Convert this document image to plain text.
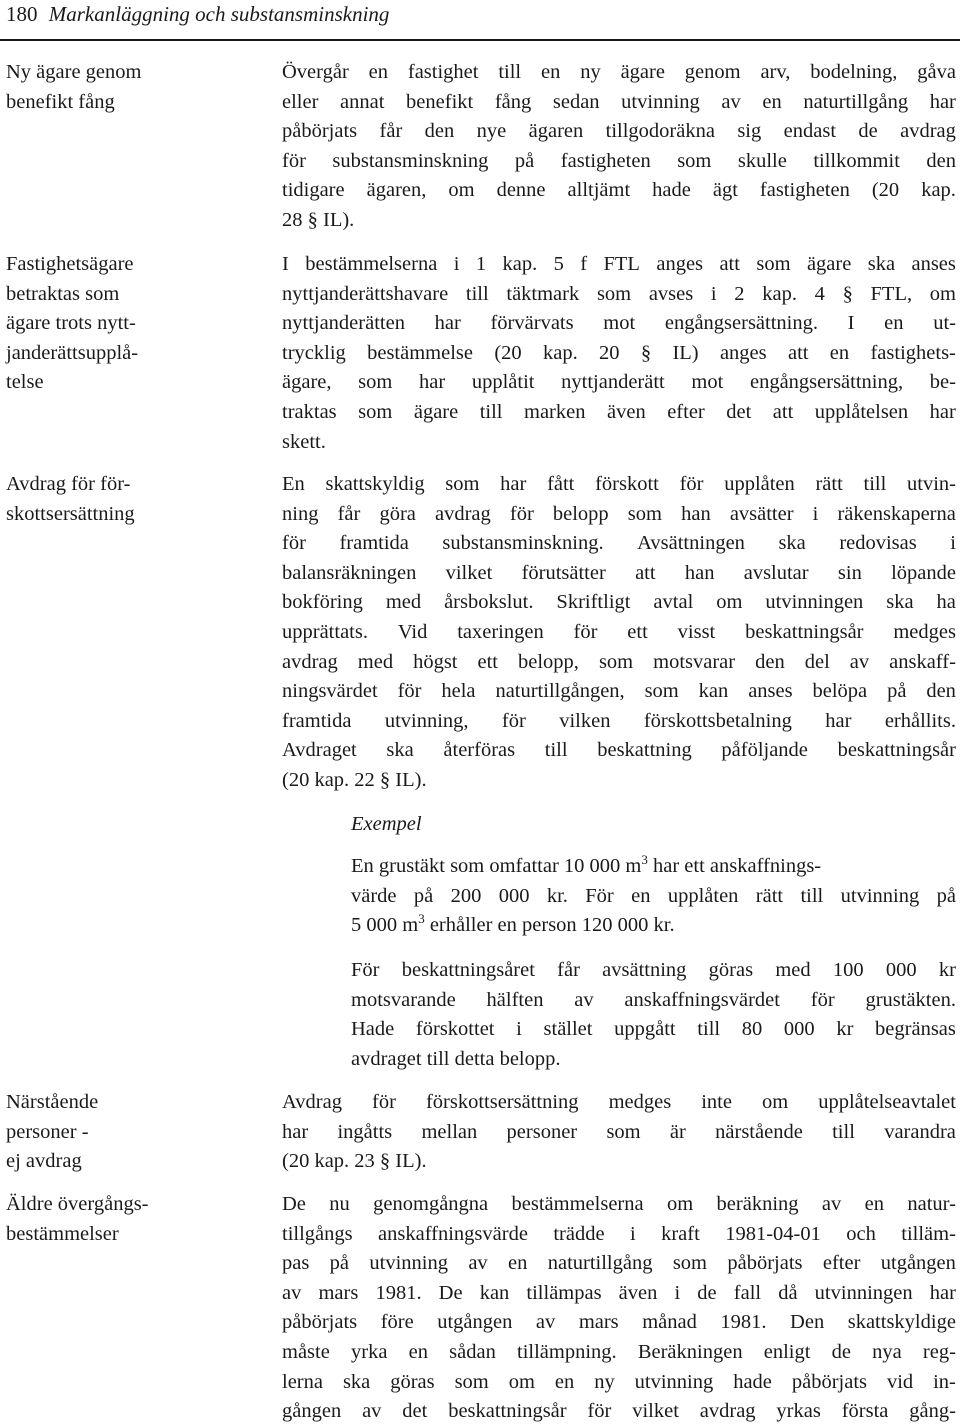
180 Markanläggning och substansminskning
Ny ägare genom
benefikt fång
Fastighetsägare
betraktas som
ägare trots nytt-
janderättsupplå-
telse
Avdrag för för-
skottsersättning
Närstående
personer -
ej avdrag
Äldre övergångs-
bestämmelser
Övergår en fastighet till en ny ägare genom arv, bodelning, gåva
eller annat benefikt fång sedan utvinning av en naturtillgång har
påbörjats får den nye ägaren tillgodoräkna sig endast de avdrag
för substansminskning på fastigheten som skulle tillkommit den
tidigare ägaren, om denne alltjämt hade ägt fastigheten (20 kap.
28 § IL).
I bestämmelserna i 1 kap. 5 f FTL anges att som ägare ska anses
nyttjanderättshavare till täktmark som avses i 2 kap. 4 § FTL, om
nyttjanderätten har förvärvats mot engångsersättning. I en ut-
trycklig bestämmelse (20 kap. 20 § IL) anges att en fastighets-
ägare, som har upplåtit nyttjanderätt mot engångsersättning, be-
traktas som ägare till marken även efter det att upplåtelsen har
skett.
En skattskyldig som har fått förskott för upplåten rätt till utvin-
ning får göra avdrag för belopp som han avsätter i räkenskaperna
för framtida substansminskning. Avsättningen ska redovisas i
balansräkningen vilket förutsätter att han avslutar sin löpande
bokföring med årsbokslut. Skriftligt avtal om utvinningen ska ha
upprättats. Vid taxeringen för ett visst beskattningsår medges
avdrag med högst ett belopp, som motsvarar den del av anskaff-
ningsvärdet för hela naturtillgången, som kan anses belöpa på den
framtida utvinning, för vilken förskottsbetalning har erhållits.
Avdraget ska återföras till beskattning påföljande beskattningsår
(20 kap. 22 § IL).
Exempel
En grustäkt som omfattar 10 000 $m^3$ har ett anskaffnings-
värde på 200 000 kr. För en upplåten rätt till utvinning på
5 000 $m^3$ erhåller en person 120 000 kr.
För beskattningsåret får avsättning göras med 100 000 kr
motsvarande hälften av anskaffningsvärdet för grustäkten.
Hade förskottet i stället uppgått till 80 000 kr begränsas
avdraget till detta belopp.
Avdrag för förskottsersättning medges inte om upplåtelseavtalet
har ingåtts mellan personer som är närstående till varandra
(20 kap. 23 § IL).
De nu genomgångna bestämmelserna om beräkning av en natur-
tillgångs anskaffningsvärde trädde i kraft 1981-04-01 och tilläm-
pas på utvinning av en naturtillgång som påbörjats efter utgången
av mars 1981. De kan tillämpas även i de fall då utvinningen har
påbörjats före utgången av mars månad 1981. Den skattskyldige
måste yrka en sådan tillämpning. Beräkningen enligt de nya reg-
lerna ska göras som om en ny utvinning hade påbörjats vid in-
gången av det beskattningsår för vilket avdrag yrkas första gång-
